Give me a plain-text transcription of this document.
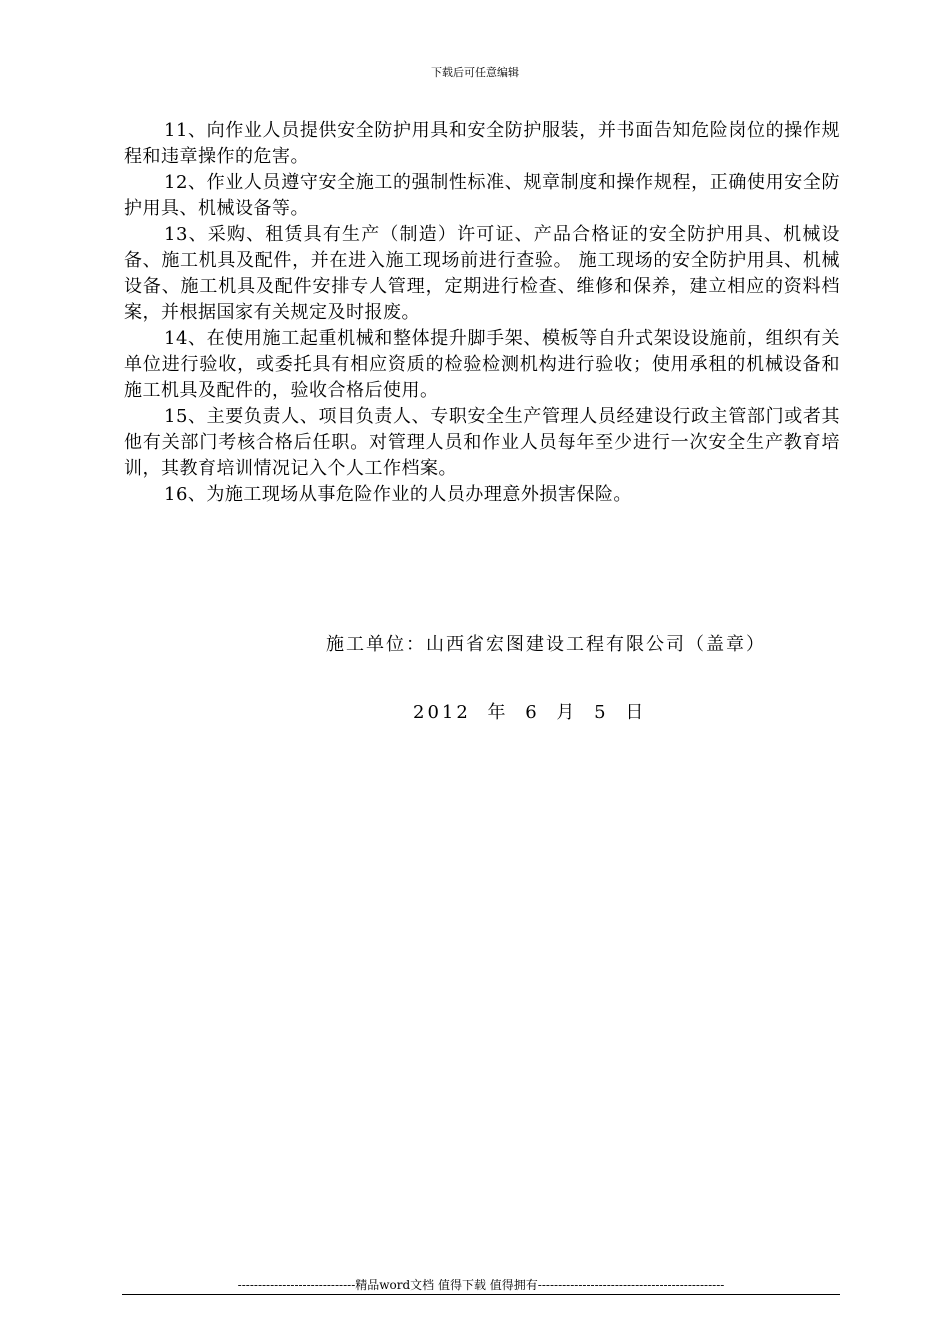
下载后可任意编辑

11、向作业人员提供安全防护用具和安全防护服装，并书面告知危险岗位的操作规程和违章操作的危害。

12、作业人员遵守安全施工的强制性标准、规章制度和操作规程，正确使用安全防护用具、机械设备等。

13、采购、租赁具有生产（制造）许可证、产品合格证的安全防护用具、机械设备、施工机具及配件，并在进入施工现场前进行查验。 施工现场的安全防护用具、机械设备、施工机具及配件安排专人管理，定期进行检查、维修和保养，建立相应的资料档案，并根据国家有关规定及时报废。

14、在使用施工起重机械和整体提升脚手架、模板等自升式架设设施前，组织有关单位进行验收，或委托具有相应资质的检验检测机构进行验收；使用承租的机械设备和施工机具及配件的，验收合格后使用。

15、主要负责人、项目负责人、专职安全生产管理人员经建设行政主管部门或者其他有关部门考核合格后任职。对管理人员和作业人员每年至少进行一次安全生产教育培训，其教育培训情况记入个人工作档案。

16、为施工现场从事危险作业的人员办理意外损害保险。

施工单位：山西省宏图建设工程有限公司（盖章）
2012 年 6 月 5 日
-----------------------------精品word文档 值得下载 值得拥有----------------------------------------------
